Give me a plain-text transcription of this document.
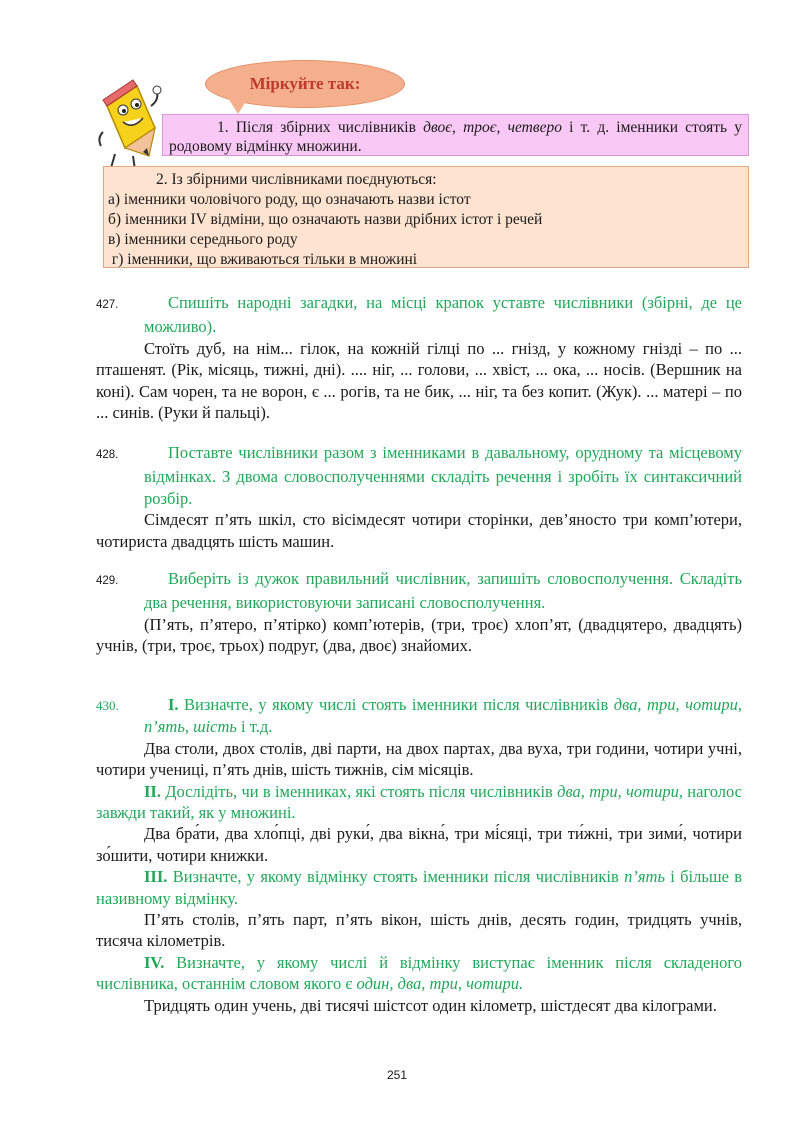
Міркуйте так:
1. Після збірних числівників двоє, троє, четверо і т. д. іменники стоять у родовому відмінку множини.
2. Із збірними числівниками поєднуються:
а) іменники чоловічого роду, що означають назви істот
б) іменники IV відміни, що означають назви дрібних істот і речей
в) іменники середнього роду
г) іменники, що вживаються тільки в множині

427.	Спишіть народні загадки, на місці крапок уставте числівники (збірні, де це можливо).

Стоїть дуб, на нім... гілок, на кожній гілці по ... гнізд, у кожному гнізді – по ... пташенят. (Рік, місяць, тижні, дні). .... ніг, ... голови, ... хвіст, ... ока, ... носів. (Вершник на коні). Сам чорен, та не ворон, є ... рогів, та не бик, ... ніг, та без копит. (Жук). ... матері – по ... синів. (Руки й пальці).

428.	Поставте числівники разом з іменниками в давальному, орудному та місцевому відмінках. З двома словосполученнями складіть речення і зробіть їх синтаксичний розбір.

Сімдесят п’ять шкіл, сто вісімдесят чотири сторінки, дев’яносто три комп’ютери, чотириста двадцять шість машин.

429.	Виберіть із дужок правильний числівник, запишіть словосполучення. Складіть два речення, використовуючи записані словосполучення.

(П’ять, п’ятеро, п’ятірко) комп’ютерів, (три, троє) хлоп’ят, (двадцятеро, двадцять) учнів, (три, троє, трьох) подруг, (два, двоє) знайомих.

430.	І. Визначте, у якому числі стоять іменники після числівників два, три, чотири, п’ять, шість і т.д.

Два столи, двох столів, дві парти, на двох партах, два вуха, три години, чотири учні, чотири учениці, п’ять днів, шість тижнів, сім місяців.

ІІ. Дослідіть, чи в іменниках, які стоять після числівників два, три, чотири, наголос завжди такий, як у множині.

Два бра́ти, два хло́пці, дві руки́, два вікна́, три мі́сяці, три ти́жні, три зими́, чотири зо́шити, чотири книжки.

ІІІ. Визначте, у якому відмінку стоять іменники після числівників п’ять і більше в називному відмінку.

П’ять столів, п’ять парт, п’ять вікон, шість днів, десять годин, тридцять учнів, тисяча кілометрів.

IV. Визначте, у якому числі й відмінку виступає іменник після складеного числівника, останнім словом якого є один, два, три, чотири.

Тридцять один учень, дві тисячі шістсот один кілометр, шістдесят два кілограми.

251
